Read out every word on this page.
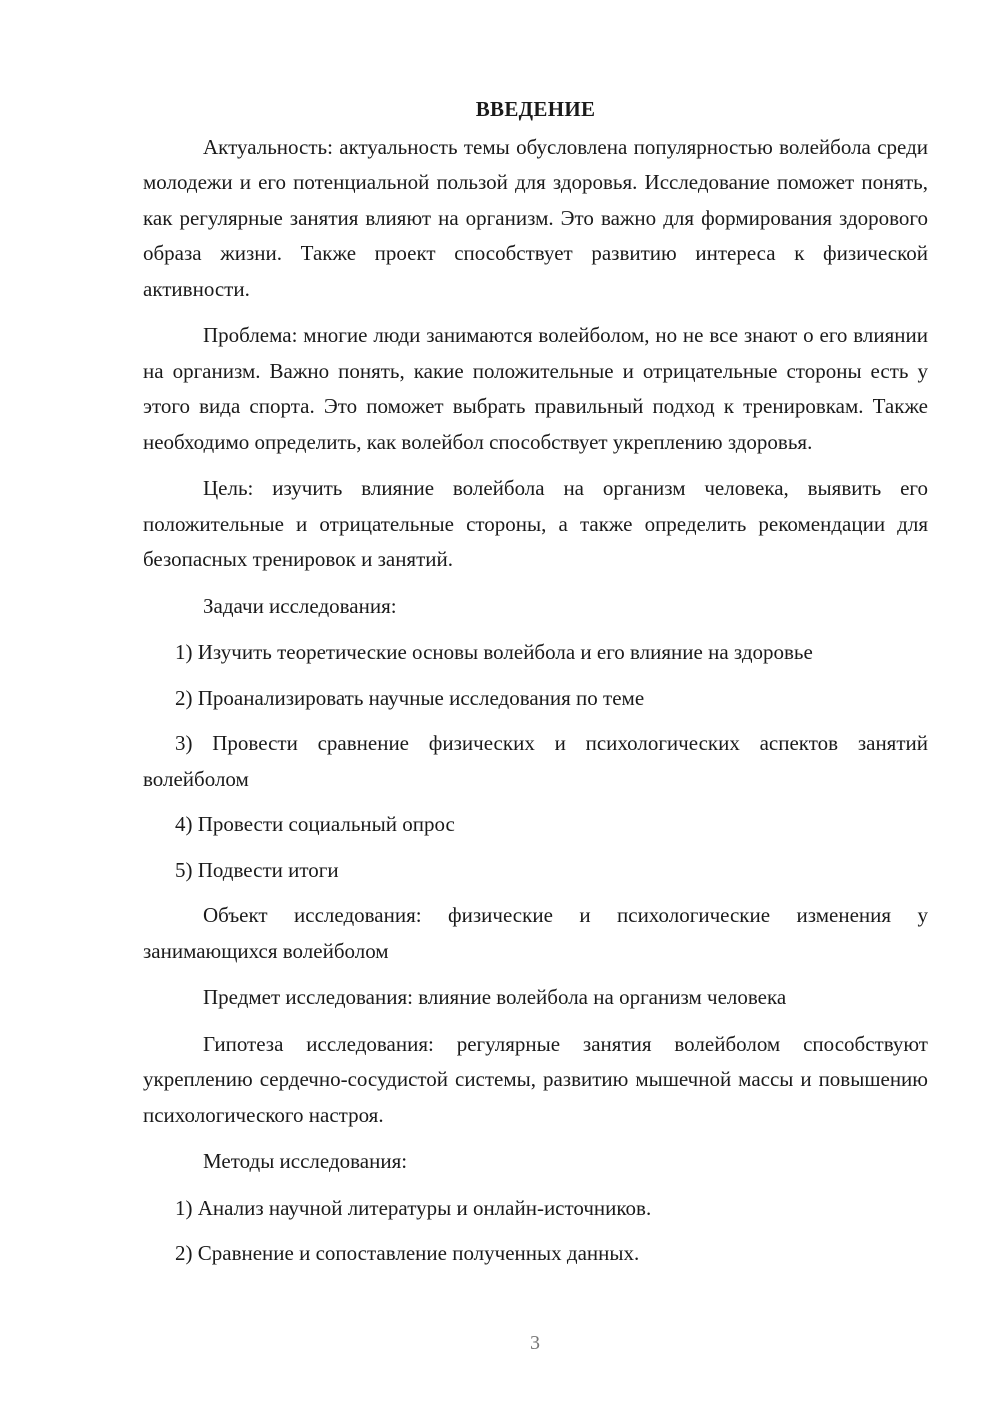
ВВЕДЕНИЕ

Актуальность: актуальность темы обусловлена популярностью волейбола среди молодежи и его потенциальной пользой для здоровья. Исследование поможет понять, как регулярные занятия влияют на организм. Это важно для формирования здорового образа жизни. Также проект способствует развитию интереса к физической активности.

Проблема: многие люди занимаются волейболом, но не все знают о его влиянии на организм. Важно понять, какие положительные и отрицательные стороны есть у этого вида спорта. Это поможет выбрать правильный подход к тренировкам. Также необходимо определить, как волейбол способствует укреплению здоровья.

Цель: изучить влияние волейбола на организм человека, выявить его положительные и отрицательные стороны, а также определить рекомендации для безопасных тренировок и занятий.

Задачи исследования:

1) Изучить теоретические основы волейбола и его влияние на здоровье

2) Проанализировать научные исследования по теме

3) Провести сравнение физических и психологических аспектов занятий волейболом

4) Провести социальный опрос

5) Подвести итоги

Объект исследования: физические и психологические изменения у занимающихся волейболом

Предмет исследования: влияние волейбола на организм человека

Гипотеза исследования: регулярные занятия волейболом способствуют укреплению сердечно-сосудистой системы, развитию мышечной массы и повышению психологического настроя.

Методы исследования:

1) Анализ научной литературы и онлайн-источников.

2) Сравнение и сопоставление полученных данных.

3
